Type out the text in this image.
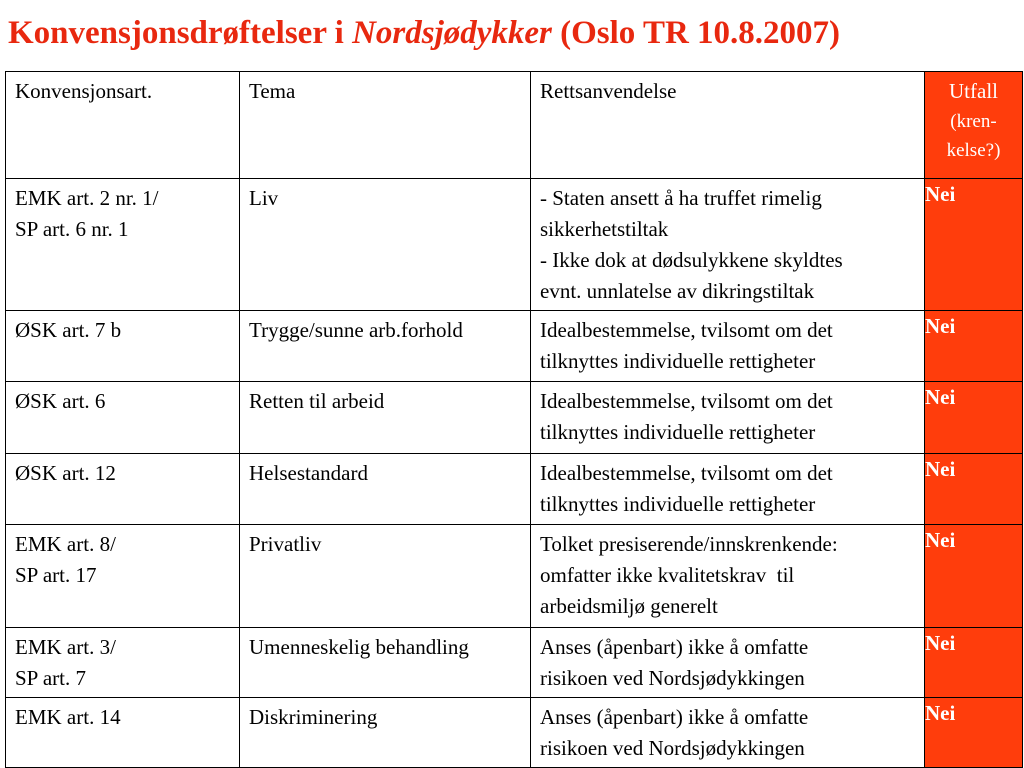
Konvensjonsdrøftelser i Nordsjødykker (Oslo TR 10.8.2007)
Konvensjonsart.	Tema	Rettsanvendelse	Utfall
(kren-
kelse?)

EMK art. 2 nr. 1/
SP art. 6 nr. 1	Liv	- Staten ansett å ha truffet rimelig
sikkerhetstiltak
- Ikke dok at dødsulykkene skyldtes
evnt. unnlatelse av dikringstiltak	Nei

ØSK art. 7 b	Trygge/sunne arb.forhold	Idealbestemmelse, tvilsomt om det
tilknyttes individuelle rettigheter	Nei

ØSK art. 6	Retten til arbeid	Idealbestemmelse, tvilsomt om det
tilknyttes individuelle rettigheter	Nei

ØSK art. 12	Helsestandard	Idealbestemmelse, tvilsomt om det
tilknyttes individuelle rettigheter	Nei

EMK art. 8/
SP art. 17	Privatliv	Tolket presiserende/innskrenkende:
omfatter ikke kvalitetskrav  til
arbeidsmiljø generelt	Nei

EMK art. 3/
SP art. 7	Umenneskelig behandling	Anses (åpenbart) ikke å omfatte
risikoen ved Nordsjødykkingen	Nei

EMK art. 14	Diskriminering	Anses (åpenbart) ikke å omfatte
risikoen ved Nordsjødykkingen	Nei
